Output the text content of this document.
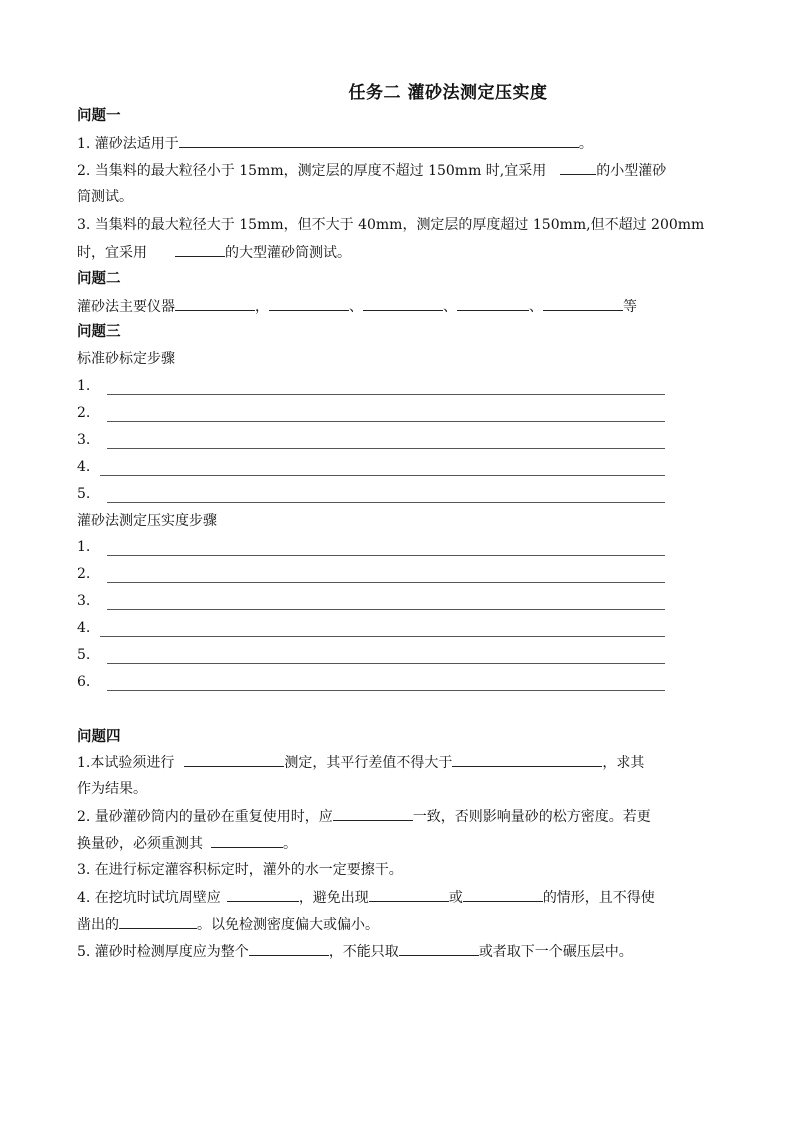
任务二 灌砂法测定压实度
问题一
1. 灌砂法适用于	。
2. 当集料的最大粒径小于 15mm，测定层的厚度不超过 150mm 时,宜采用	的小型灌砂
筒测试。
3. 当集料的最大粒径大于 15mm，但不大于 40mm，测定层的厚度超过 150mm,但不超过 200mm
时，宜采用	的大型灌砂筒测试。
问题二
灌砂法主要仪器	，	、	、	、	等
问题三
标准砂标定步骤
1.
2.
3.
4.
5.
灌砂法测定压实度步骤
1.
2.
3.
4.
5.
6.
问题四
1.本试验须进行	测定，其平行差值不得大于	，求其
作为结果。
2. 量砂灌砂筒内的量砂在重复使用时，应	一致，否则影响量砂的松方密度。若更
换量砂，必须重测其	。
3. 在进行标定灌容积标定时，灌外的水一定要擦干。
4. 在挖坑时试坑周壁应	，避免出现	或	的情形，且不得使
凿出的	。以免检测密度偏大或偏小。
5. 灌砂时检测厚度应为整个	，不能只取	或者取下一个碾压层中。
